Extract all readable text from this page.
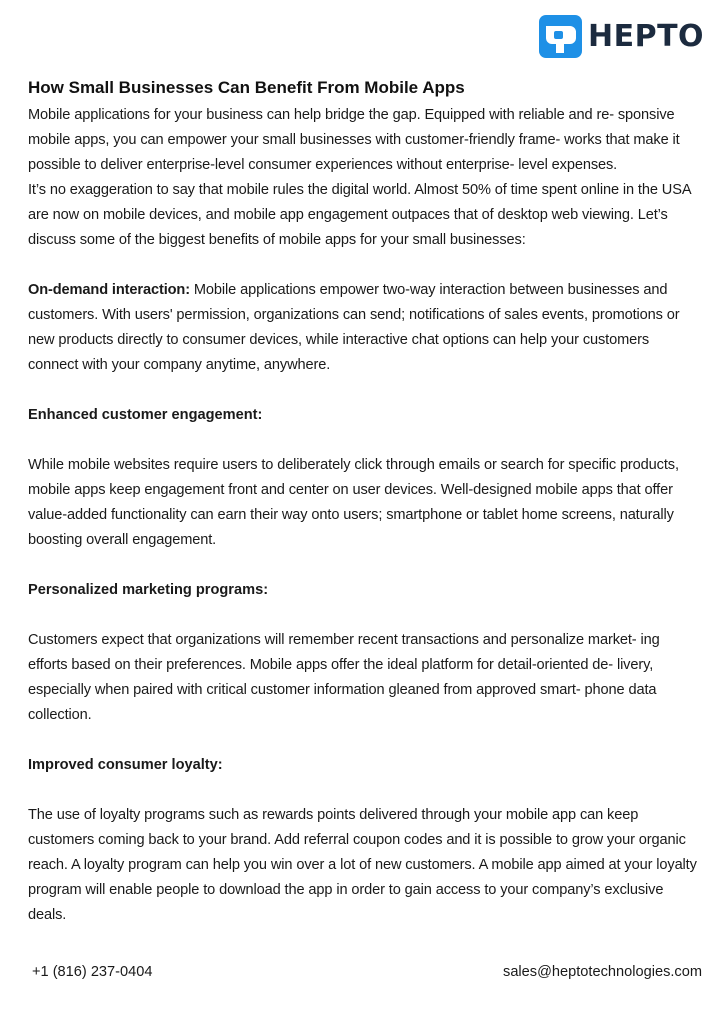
HEPTO
How Small Businesses Can Benefit From Mobile Apps

Mobile applications for your business can help bridge the gap. Equipped with reliable and re- sponsive mobile apps, you can empower your small businesses with customer-friendly frame- works that make it possible to deliver enterprise-level consumer experiences without enterprise- level expenses.

It’s no exaggeration to say that mobile rules the digital world. Almost 50% of time spent online in the USA are now on mobile devices, and mobile app engagement outpaces that of desktop web viewing. Let’s discuss some of the biggest benefits of mobile apps for your small businesses:

On-demand interaction: Mobile applications empower two-way interaction between businesses and customers. With users' permission, organizations can send; notifications of sales events, promotions or new products directly to consumer devices, while interactive chat options can help your customers connect with your company anytime, anywhere.

Enhanced customer engagement:

While mobile websites require users to deliberately click through emails or search for specific products, mobile apps keep engagement front and center on user devices. Well-designed mobile apps that offer value-added functionality can earn their way onto users; smartphone or tablet home screens, naturally boosting overall engagement.

Personalized marketing programs:

Customers expect that organizations will remember recent transactions and personalize market- ing efforts based on their preferences. Mobile apps offer the ideal platform for detail-oriented de- livery, especially when paired with critical customer information gleaned from approved smart- phone data collection.

Improved consumer loyalty:

The use of loyalty programs such as rewards points delivered through your mobile app can keep customers coming back to your brand. Add referral coupon codes and it is possible to grow your organic reach. A loyalty program can help you win over a lot of new customers. A mobile app aimed at your loyalty program will enable people to download the app in order to gain access to your company’s exclusive deals.

+1 (816) 237-0404	sales@heptotechnologies.com
